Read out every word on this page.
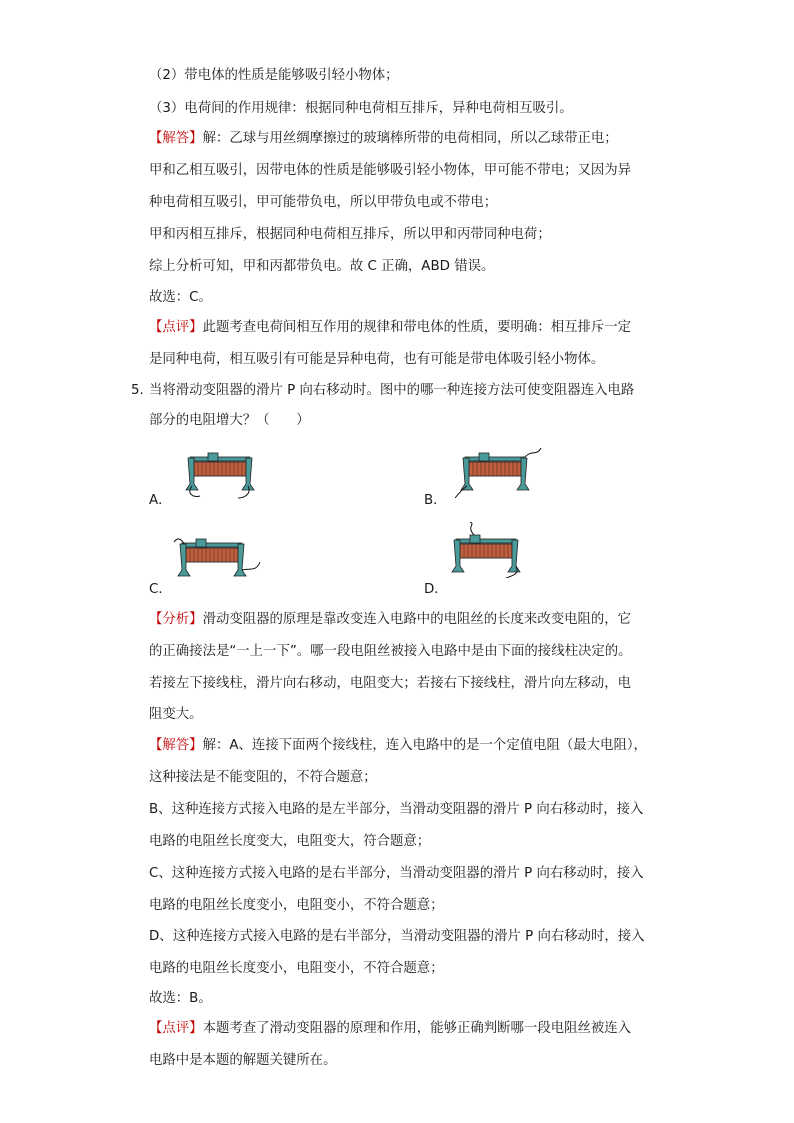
（2）带电体的性质是能够吸引轻小物体；
（3）电荷间的作用规律：根据同种电荷相互排斥，异种电荷相互吸引。
【解答】解：乙球与用丝绸摩擦过的玻璃棒所带的电荷相同，所以乙球带正电；
甲和乙相互吸引，因带电体的性质是能够吸引轻小物体，甲可能不带电；又因为异
种电荷相互吸引，甲可能带负电，所以甲带负电或不带电；
甲和丙相互排斥，根据同种电荷相互排斥，所以甲和丙带同种电荷；
综上分析可知，甲和丙都带负电。故 C 正确，ABD 错误。
故选：C。
【点评】此题考查电荷间相互作用的规律和带电体的性质，要明确：相互排斥一定
是同种电荷，相互吸引有可能是异种电荷，也有可能是带电体吸引轻小物体。
5．
当将滑动变阻器的滑片 P 向右移动时。图中的哪一种连接方法可使变阻器连入电路
部分的电阻增大？（　　）
A．	B．
C．	D．
【分析】滑动变阻器的原理是靠改变连入电路中的电阻丝的长度来改变电阻的，它
的正确接法是“一上一下”。哪一段电阻丝被接入电路中是由下面的接线柱决定的。
若接左下接线柱，滑片向右移动，电阻变大；若接右下接线柱，滑片向左移动，电
阻变大。
【解答】解：A、连接下面两个接线柱，连入电路中的是一个定值电阻（最大电阻），
这种接法是不能变阻的，不符合题意；
B、这种连接方式接入电路的是左半部分，当滑动变阻器的滑片 P 向右移动时，接入
电路的电阻丝长度变大，电阻变大，符合题意；
C、这种连接方式接入电路的是右半部分，当滑动变阻器的滑片 P 向右移动时，接入
电路的电阻丝长度变小，电阻变小，不符合题意；
D、这种连接方式接入电路的是右半部分，当滑动变阻器的滑片 P 向右移动时，接入
电路的电阻丝长度变小，电阻变小，不符合题意；
故选：B。
【点评】本题考查了滑动变阻器的原理和作用，能够正确判断哪一段电阻丝被连入
电路中是本题的解题关键所在。
